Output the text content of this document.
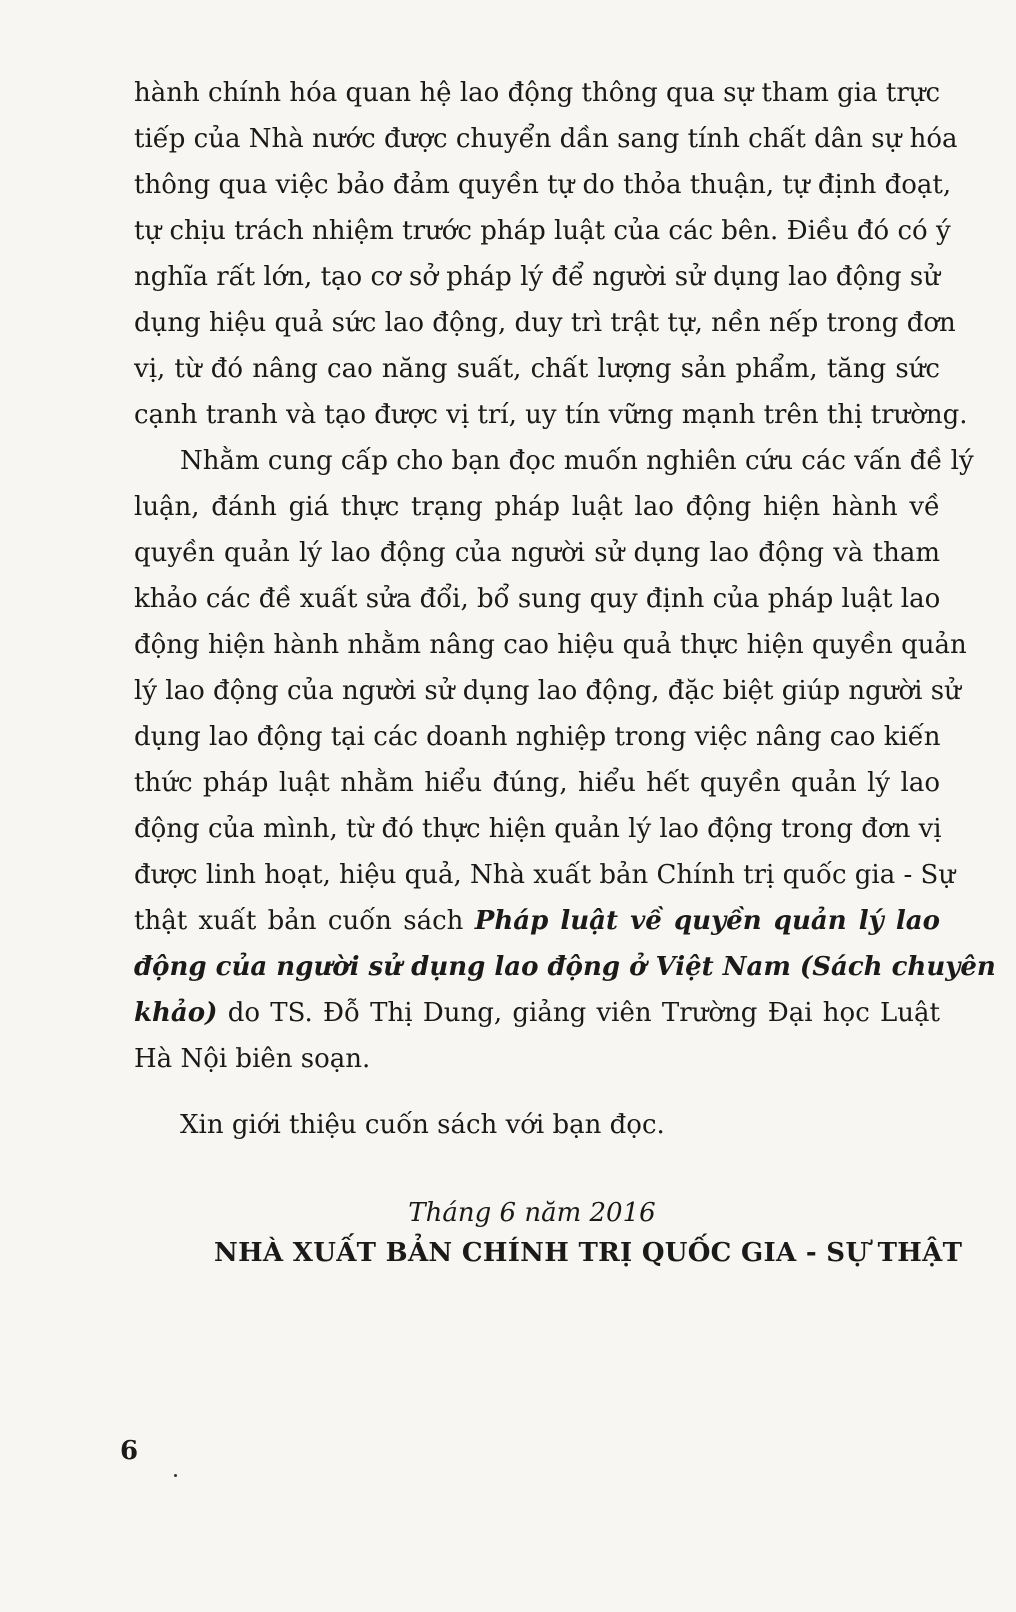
hành chính hóa quan hệ lao động thông qua sự tham gia trực
tiếp của Nhà nước được chuyển dần sang tính chất dân sự hóa
thông qua việc bảo đảm quyền tự do thỏa thuận, tự định đoạt,
tự chịu trách nhiệm trước pháp luật của các bên. Điều đó có ý
nghĩa rất lớn, tạo cơ sở pháp lý để người sử dụng lao động sử
dụng hiệu quả sức lao động, duy trì trật tự, nền nếp trong đơn
vị, từ đó nâng cao năng suất, chất lượng sản phẩm, tăng sức
cạnh tranh và tạo được vị trí, uy tín vững mạnh trên thị trường.
Nhằm cung cấp cho bạn đọc muốn nghiên cứu các vấn đề lý
luận, đánh giá thực trạng pháp luật lao động hiện hành về
quyền quản lý lao động của người sử dụng lao động và tham
khảo các đề xuất sửa đổi, bổ sung quy định của pháp luật lao
động hiện hành nhằm nâng cao hiệu quả thực hiện quyền quản
lý lao động của người sử dụng lao động, đặc biệt giúp người sử
dụng lao động tại các doanh nghiệp trong việc nâng cao kiến
thức pháp luật nhằm hiểu đúng, hiểu hết quyền quản lý lao
động của mình, từ đó thực hiện quản lý lao động trong đơn vị
được linh hoạt, hiệu quả, Nhà xuất bản Chính trị quốc gia - Sự
thật xuất bản cuốn sách Pháp luật về quyền quản lý lao
động của người sử dụng lao động ở Việt Nam (Sách chuyên
khảo) do TS. Đỗ Thị Dung, giảng viên Trường Đại học Luật
Hà Nội biên soạn.
Xin giới thiệu cuốn sách với bạn đọc.
Tháng 6 năm 2016
NHÀ XUẤT BẢN CHÍNH TRỊ QUỐC GIA - SỰ THẬT
6
